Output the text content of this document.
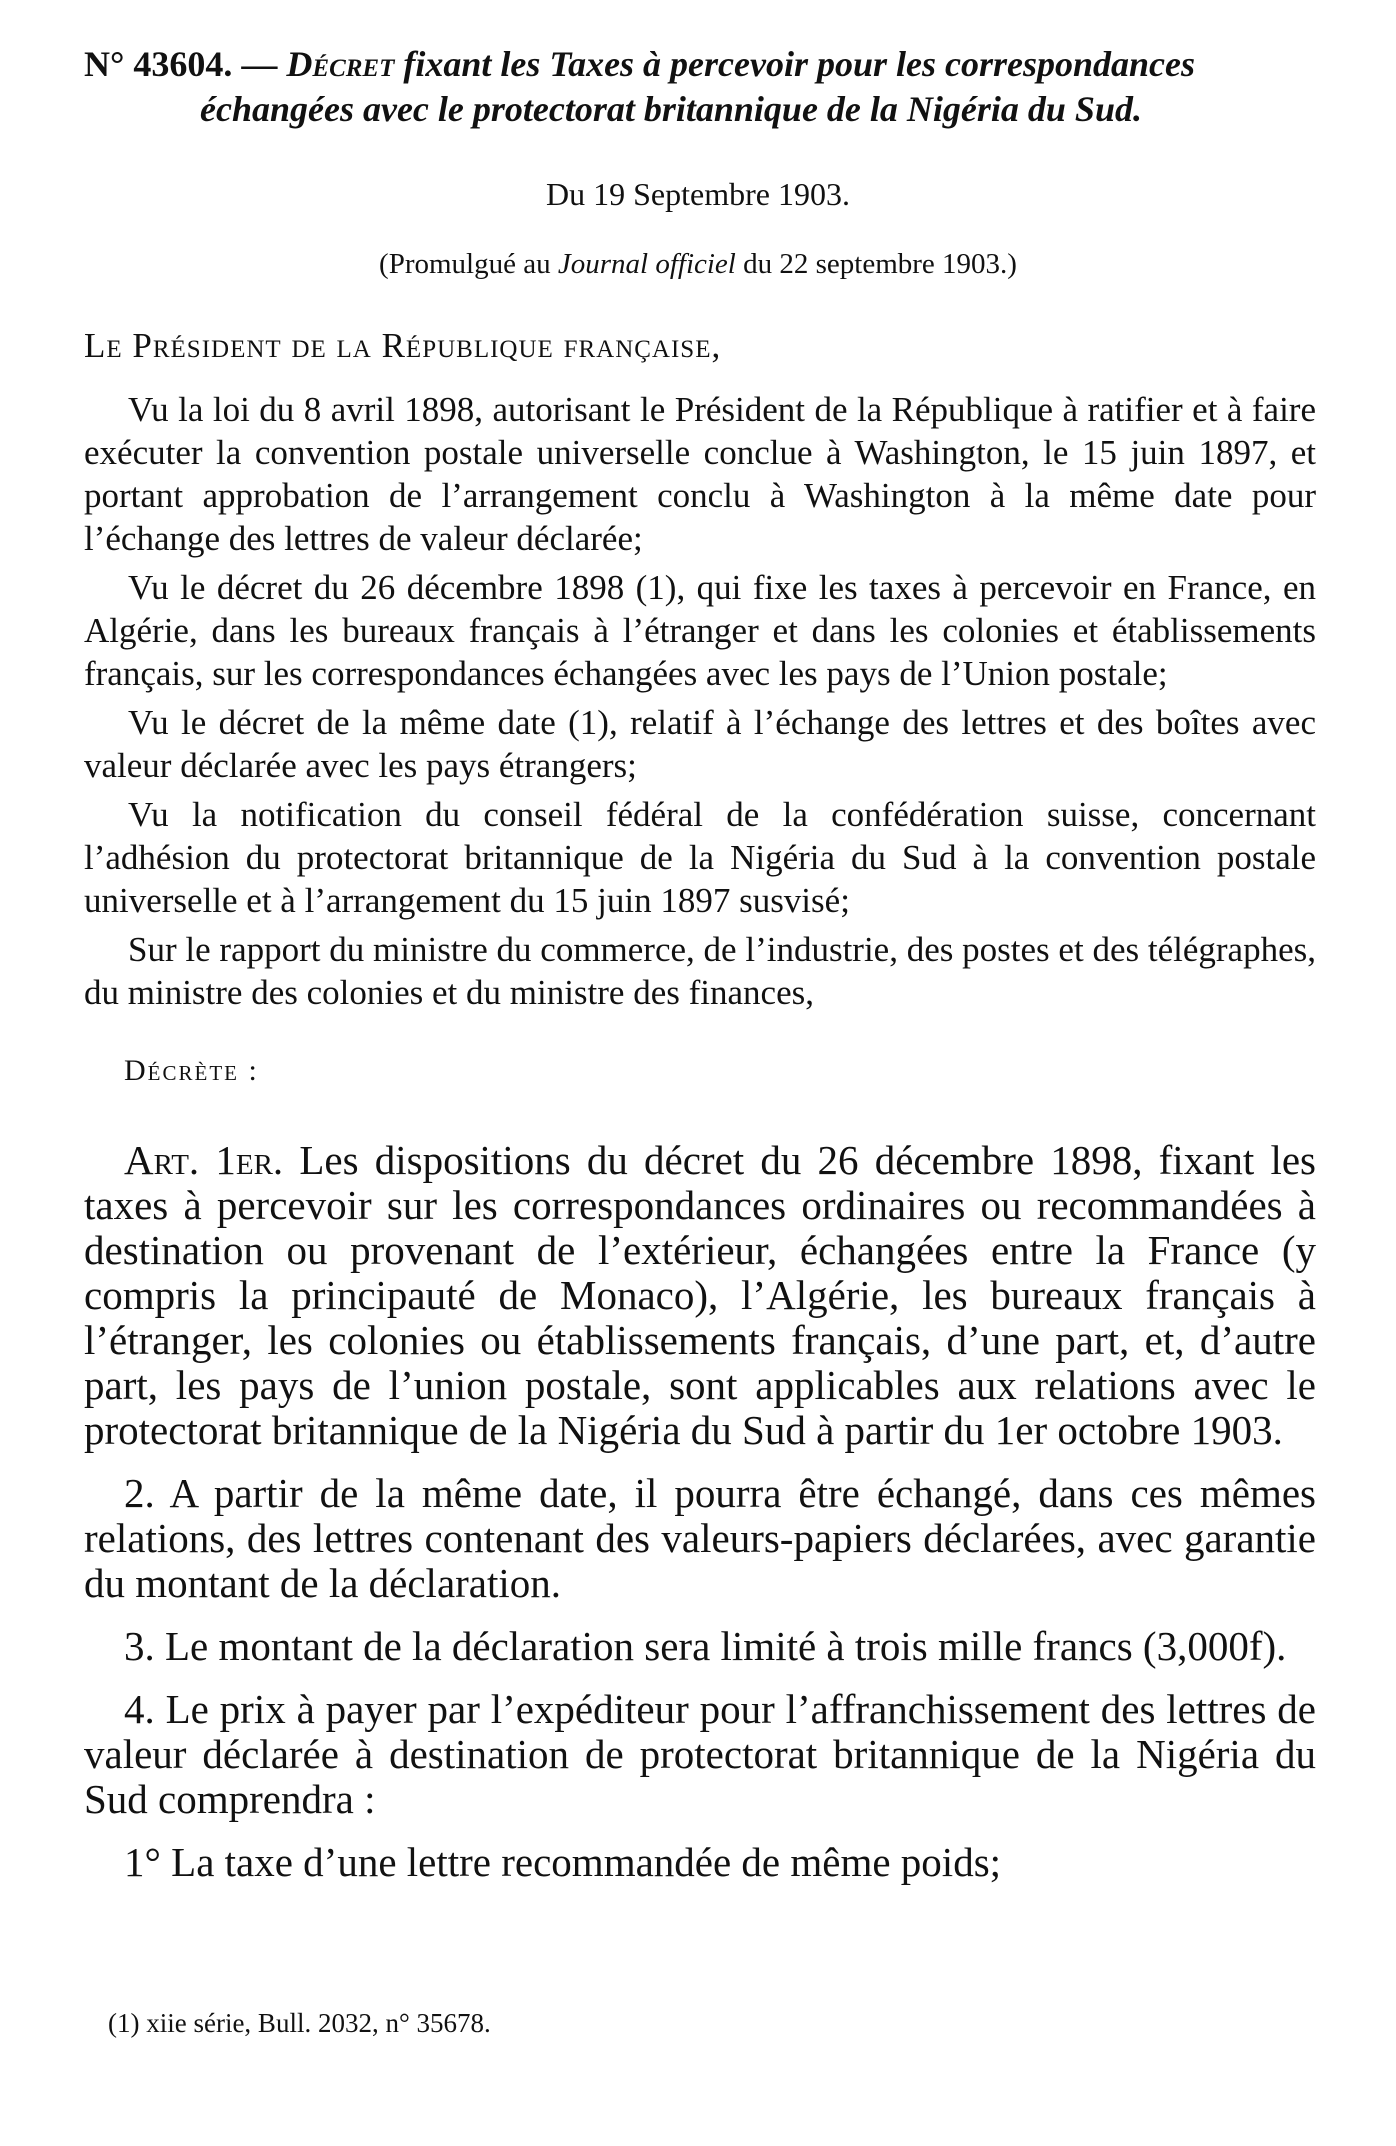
N° 43604. — Décret fixant les Taxes à percevoir pour les correspondances
échangées avec le protectorat britannique de la Nigéria du Sud.
Du 19 Septembre 1903.
(Promulgué au Journal officiel du 22 septembre 1903.)
Le Président de la République française,

Vu la loi du 8 avril 1898, autorisant le Président de la République à ratifier et à faire exécuter la convention postale universelle conclue à Washington, le 15 juin 1897, et portant approbation de l’arrangement conclu à Washington à la même date pour l’échange des lettres de valeur déclarée;

Vu le décret du 26 décembre 1898 (1), qui fixe les taxes à percevoir en France, en Algérie, dans les bureaux français à l’étranger et dans les colonies et établissements français, sur les correspondances échangées avec les pays de l’Union postale;

Vu le décret de la même date (1), relatif à l’échange des lettres et des boîtes avec valeur déclarée avec les pays étrangers;

Vu la notification du conseil fédéral de la confédération suisse, concernant l’adhésion du protectorat britannique de la Nigéria du Sud à la convention postale universelle et à l’arrangement du 15 juin 1897 susvisé;

Sur le rapport du ministre du commerce, de l’industrie, des postes et des télégraphes, du ministre des colonies et du ministre des finances,

Décrète :

Art. 1er. Les dispositions du décret du 26 décembre 1898, fixant les taxes à percevoir sur les correspondances ordinaires ou recommandées à destination ou provenant de l’extérieur, échangées entre la France (y compris la principauté de Monaco), l’Algérie, les bureaux français à l’étranger, les colonies ou établissements français, d’une part, et, d’autre part, les pays de l’union postale, sont applicables aux relations avec le protectorat britannique de la Nigéria du Sud à partir du 1er octobre 1903.

2. A partir de la même date, il pourra être échangé, dans ces mêmes relations, des lettres contenant des valeurs-papiers déclarées, avec garantie du montant de la déclaration.

3. Le montant de la déclaration sera limité à trois mille francs (3,000f).

4. Le prix à payer par l’expéditeur pour l’affranchissement des lettres de valeur déclarée à destination de protectorat britannique de la Nigéria du Sud comprendra :

1° La taxe d’une lettre recommandée de même poids;

(1) xiie série, Bull. 2032, n° 35678.
